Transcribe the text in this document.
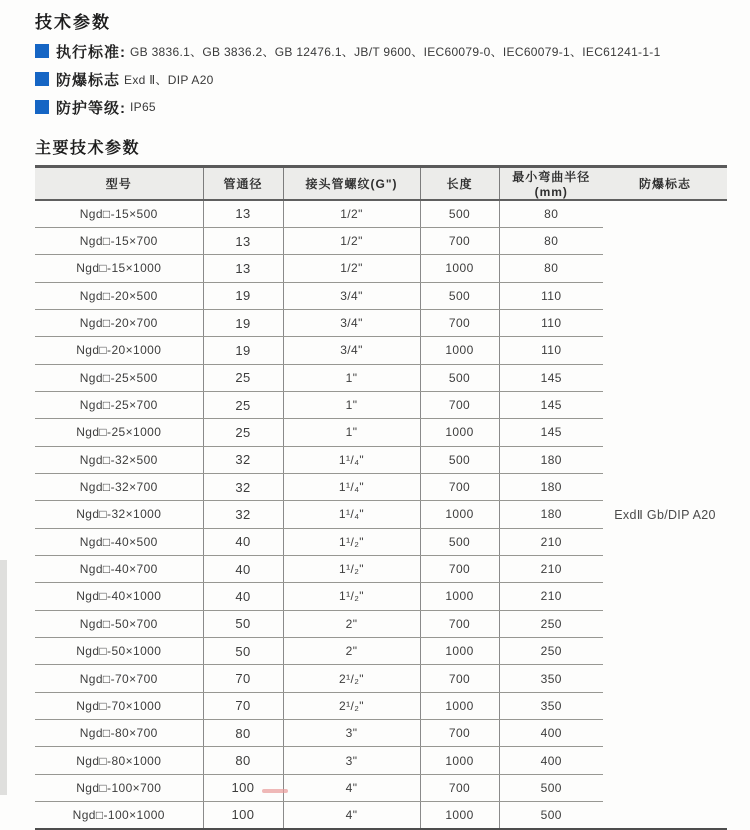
技术参数
执行标准: GB 3836.1、GB 3836.2、GB 12476.1、JB/T 9600、IEC60079-0、IEC60079-1、IEC61241-1-1
防爆标志 Exd Ⅱ、DIP A20
防护等级: IP65
主要技术参数
型号	管通径	接头管螺纹(G")	长度	最小弯曲半径(mm)	防爆标志
Ngd□-15×500	13	1/2"	500	80	ExdⅡ Gb/DIP A20
Ngd□-15×700	13	1/2"	700	80	
Ngd□-15×1000	13	1/2"	1000	80	
Ngd□-20×500	19	3/4"	500	110	
Ngd□-20×700	19	3/4"	700	110	
Ngd□-20×1000	19	3/4"	1000	110	
Ngd□-25×500	25	1"	500	145	
Ngd□-25×700	25	1"	700	145	
Ngd□-25×1000	25	1"	1000	145	
Ngd□-32×500	32	1¹/₄"	500	180	
Ngd□-32×700	32	1¹/₄"	700	180	
Ngd□-32×1000	32	1¹/₄"	1000	180	
Ngd□-40×500	40	1¹/₂"	500	210	
Ngd□-40×700	40	1¹/₂"	700	210	
Ngd□-40×1000	40	1¹/₂"	1000	210	
Ngd□-50×700	50	2"	700	250	
Ngd□-50×1000	50	2"	1000	250	
Ngd□-70×700	70	2¹/₂"	700	350	
Ngd□-70×1000	70	2¹/₂"	1000	350	
Ngd□-80×700	80	3"	700	400	
Ngd□-80×1000	80	3"	1000	400	
Ngd□-100×700	100	4"	700	500	
Ngd□-100×1000	100	4"	1000	500	
